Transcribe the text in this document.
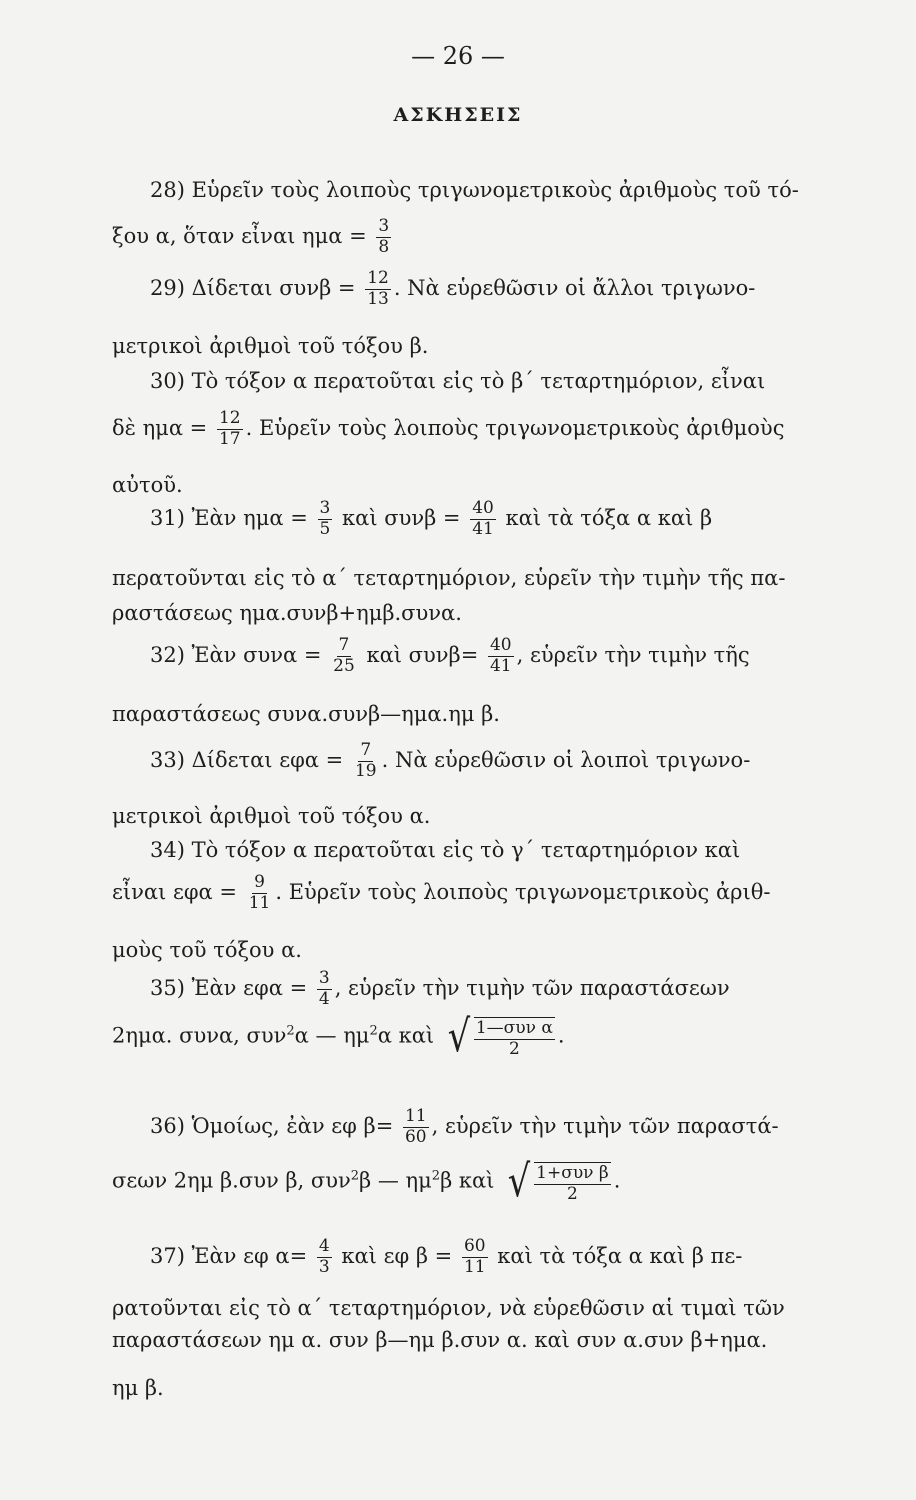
— 26 —
ΑΣΚΗΣΕΙΣ
28) Εὑρεῖν τοὺς λοιποὺς τριγωνομετρικοὺς ἀριθμοὺς τοῦ τό-
ξου α, ὅταν εἶναι $\eta\mu\alpha = \frac{3}{8}$
29) Δίδεται $\sigma\upsilon\nu\beta = \frac{12}{13}$ . Νὰ εὑρεθῶσιν οἱ ἄλλοι τριγωνο-
μετρικοὶ ἀριθμοὶ τοῦ τόξου β.
30) Τὸ τόξον α περατοῦται εἰς τὸ β΄ τεταρτημόριον, εἶναι
δὲ $\eta\mu\alpha = \frac{12}{17}$ . Εὑρεῖν τοὺς λοιποὺς τριγωνομετρικοὺς ἀριθμοὺς
αὐτοῦ.
31) Ἐὰν $\eta\mu\alpha = \frac{3}{5}$ καὶ $\sigma\upsilon\nu\beta = \frac{40}{41}$ καὶ τὰ τόξα α καὶ β
περατοῦνται εἰς τὸ α΄ τεταρτημόριον, εὑρεῖν τὴν τιμὴν τῆς πα-
ραστάσεως ημα.συνβ+ημβ.συνα.
32) Ἐὰν $\sigma\upsilon\nu\alpha = \frac{7}{25}$ καὶ $\sigma\upsilon\nu\beta= \frac{40}{41}$ , εὑρεῖν τὴν τιμὴν τῆς
παραστάσεως συνα.συνβ—ημα.ημ β.
33) Δίδεται $\varepsilon\varphi\alpha = \frac{7}{19}$ . Νὰ εὑρεθῶσιν οἱ λοιποὶ τριγωνο-
μετρικοὶ ἀριθμοὶ τοῦ τόξου α.
34) Τὸ τόξον α περατοῦται εἰς τὸ γ΄ τεταρτημόριον καὶ
εἶναι $\varepsilon\varphi\alpha = \frac{9}{11}$ . Εὑρεῖν τοὺς λοιποὺς τριγωνομετρικοὺς ἀριθ-
μοὺς τοῦ τόξου α.
35) Ἐὰν $\varepsilon\varphi\alpha = \frac{3}{4}$ , εὑρεῖν τὴν τιμὴν τῶν παραστάσεων
2ημα. συνα, συν$^2$α — $\eta\mu^2\alpha$ καὶ √ $\frac{\text{1—συν α}}{2}$ .
36) Ὁμοίως, ἐὰν εφ $\beta= \frac{11}{60}$ , εὑρεῖν τὴν τιμὴν τῶν παραστά-
σεων 2ημ β.συν β, συν$^2$β — $\eta\mu^2\beta$ καὶ √ $\frac{\text{1+συν β}}{2}$ .
37) Ἐὰν εφ $\alpha= \frac{4}{3}$ καὶ εφ $\beta = \frac{60}{11}$ καὶ τὰ τόξα α καὶ β πε-
ρατοῦνται εἰς τὸ α΄ τεταρτημόριον, νὰ εὑρεθῶσιν αἱ τιμαὶ τῶν
παραστάσεων ημ α. συν β—ημ β.συν α. καὶ συν α.συν β+ημα.
ημ β.
